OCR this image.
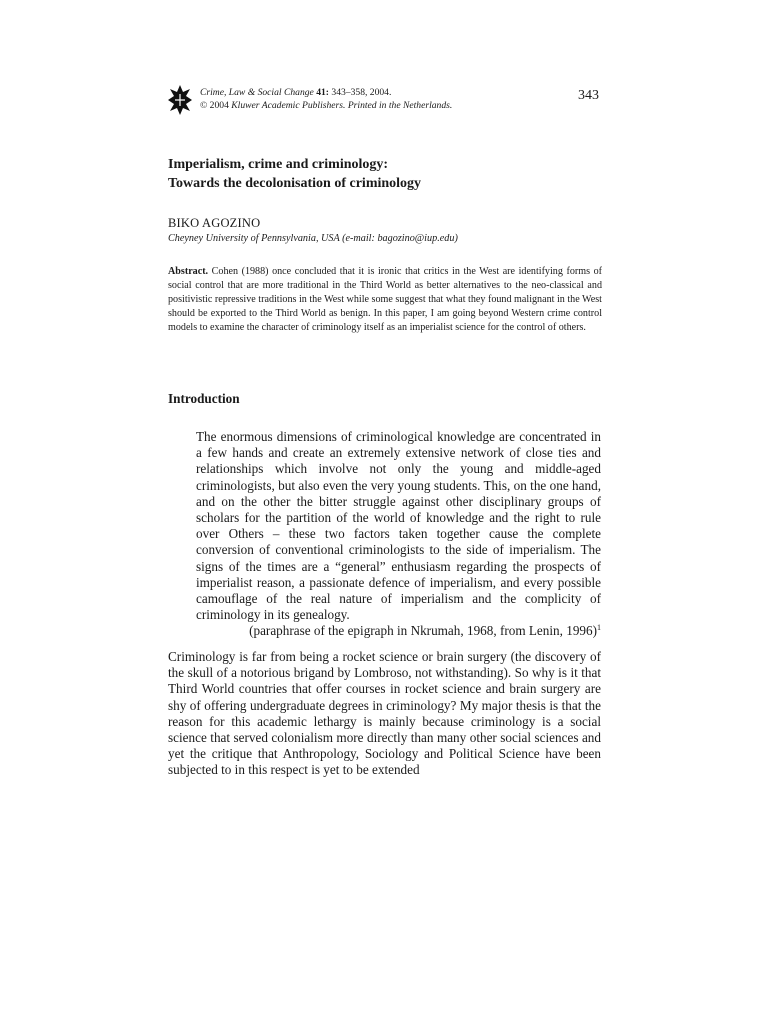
Crime, Law & Social Change 41: 343–358, 2004.
© 2004 Kluwer Academic Publishers. Printed in the Netherlands.
343
Imperialism, crime and criminology:
Towards the decolonisation of criminology
BIKO AGOZINO
Cheyney University of Pennsylvania, USA (e-mail: bagozino@iup.edu)
Abstract. Cohen (1988) once concluded that it is ironic that critics in the West are identifying forms of social control that are more traditional in the Third World as better alternatives to the neo-classical and positivistic repressive traditions in the West while some suggest that what they found malignant in the West should be exported to the Third World as benign. In this paper, I am going beyond Western crime control models to examine the character of criminology itself as an imperialist science for the control of others.
Introduction

The enormous dimensions of criminological knowledge are concentrated in a few hands and create an extremely extensive network of close ties and relationships which involve not only the young and middle-aged criminologists, but also even the very young students. This, on the one hand, and on the other the bitter struggle against other disciplinary groups of scholars for the partition of the world of knowledge and the right to rule over Others – these two factors taken together cause the complete conversion of conventional criminologists to the side of imperialism. The signs of the times are a “general” enthusiasm regarding the prospects of imperialist reason, a passionate defence of imperialism, and every possible camouflage of the real nature of imperialism and the complicity of criminology in its genealogy.

(paraphrase of the epigraph in Nkrumah, 1968, from Lenin, 1996)$^1$

Criminology is far from being a rocket science or brain surgery (the discovery of the skull of a notorious brigand by Lombroso, not withstanding). So why is it that Third World countries that offer courses in rocket science and brain surgery are shy of offering undergraduate degrees in criminology? My major thesis is that the reason for this academic lethargy is mainly because criminology is a social science that served colonialism more directly than many other social sciences and yet the critique that Anthropology, Sociology and Political Science have been subjected to in this respect is yet to be extended
